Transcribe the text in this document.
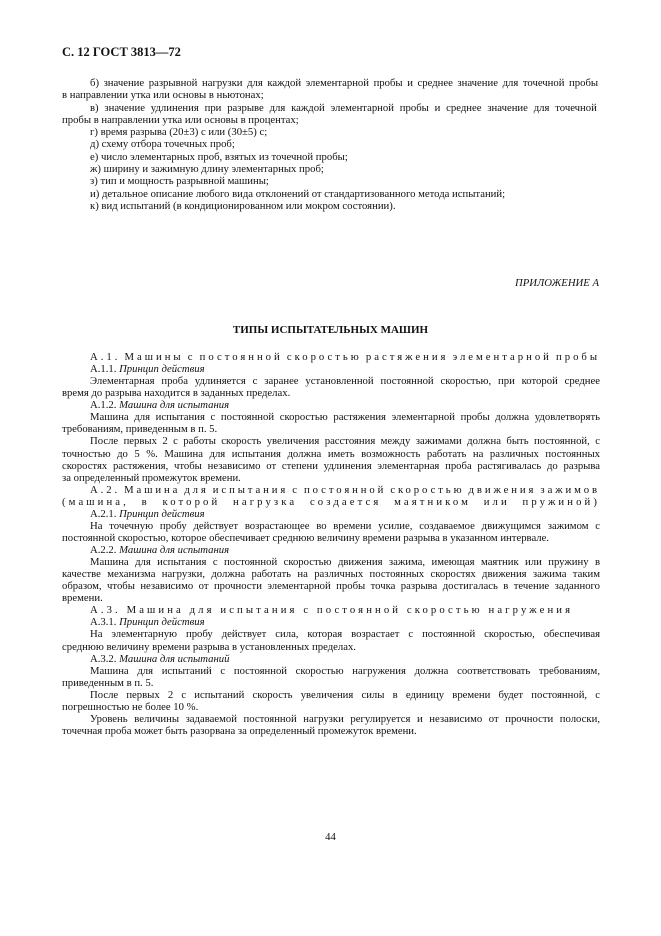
С. 12 ГОСТ 3813—72
б) значение разрывной нагрузки для каждой элементарной пробы и среднее значение для точечной пробы
в направлении утка или основы в ньютонах;
в) значение удлинения при разрыве для каждой элементарной пробы и среднее значение для точечной
пробы в направлении утка или основы в процентах;
г) время разрыва (20±3) с или (30±5) с;
д) схему отбора точечных проб;
е) число элементарных проб, взятых из точечной пробы;
ж) ширину и зажимную длину элементарных проб;
з) тип и мощность разрывной машины;
и) детальное описание любого вида отклонений от стандартизованного метода испытаний;
к) вид испытаний (в кондиционированном или мокром состоянии).
ПРИЛОЖЕНИЕ А
ТИПЫ ИСПЫТАТЕЛЬНЫХ МАШИН
А.1. Машины с постоянной скоростью растяжения элементарной пробы
А.1.1. Принцип действия
Элементарная проба удлиняется с заранее установленной постоянной скоростью, при которой среднее
время до разрыва находится в заданных пределах.
А.1.2. Машина для испытания
Машина для испытания с постоянной скоростью растяжения элементарной пробы должна удовлетворять
требованиям, приведенным в п. 5.
После первых 2 с работы скорость увеличения расстояния между зажимами должна быть постоянной, с
точностью до 5 %. Машина для испытания должна иметь возможность работать на различных постоянных
скоростях растяжения, чтобы независимо от степени удлинения элементарная проба растягивалась до разрыва
за определенный промежуток времени.
А.2. Машина для испытания с постоянной скоростью движения зажимов
(машина, в которой нагрузка создается маятником или пружиной)
А.2.1. Принцип действия
На точечную пробу действует возрастающее во времени усилие, создаваемое движущимся зажимом с
постоянной скоростью, которое обеспечивает среднюю величину времени разрыва в указанном интервале.
А.2.2. Машина для испытания
Машина для испытания с постоянной скоростью движения зажима, имеющая маятник или пружину в
качестве механизма нагрузки, должна работать на различных постоянных скоростях движения зажима таким
образом, чтобы независимо от прочности элементарной пробы точка разрыва достигалась в течение заданного
времени.
А.3. Машина для испытания с постоянной скоростью нагружения
А.3.1. Принцип действия
На элементарную пробу действует сила, которая возрастает с постоянной скоростью, обеспечивая
среднюю величину времени разрыва в установленных пределах.
А.3.2. Машина для испытаний
Машина для испытаний с постоянной скоростью нагружения должна соответствовать требованиям,
приведенным в п. 5.
После первых 2 с испытаний скорость увеличения силы в единицу времени будет постоянной, с
погрешностью не более 10 %.
Уровень величины задаваемой постоянной нагрузки регулируется и независимо от прочности полоски,
точечная проба может быть разорвана за определенный промежуток времени.
44
